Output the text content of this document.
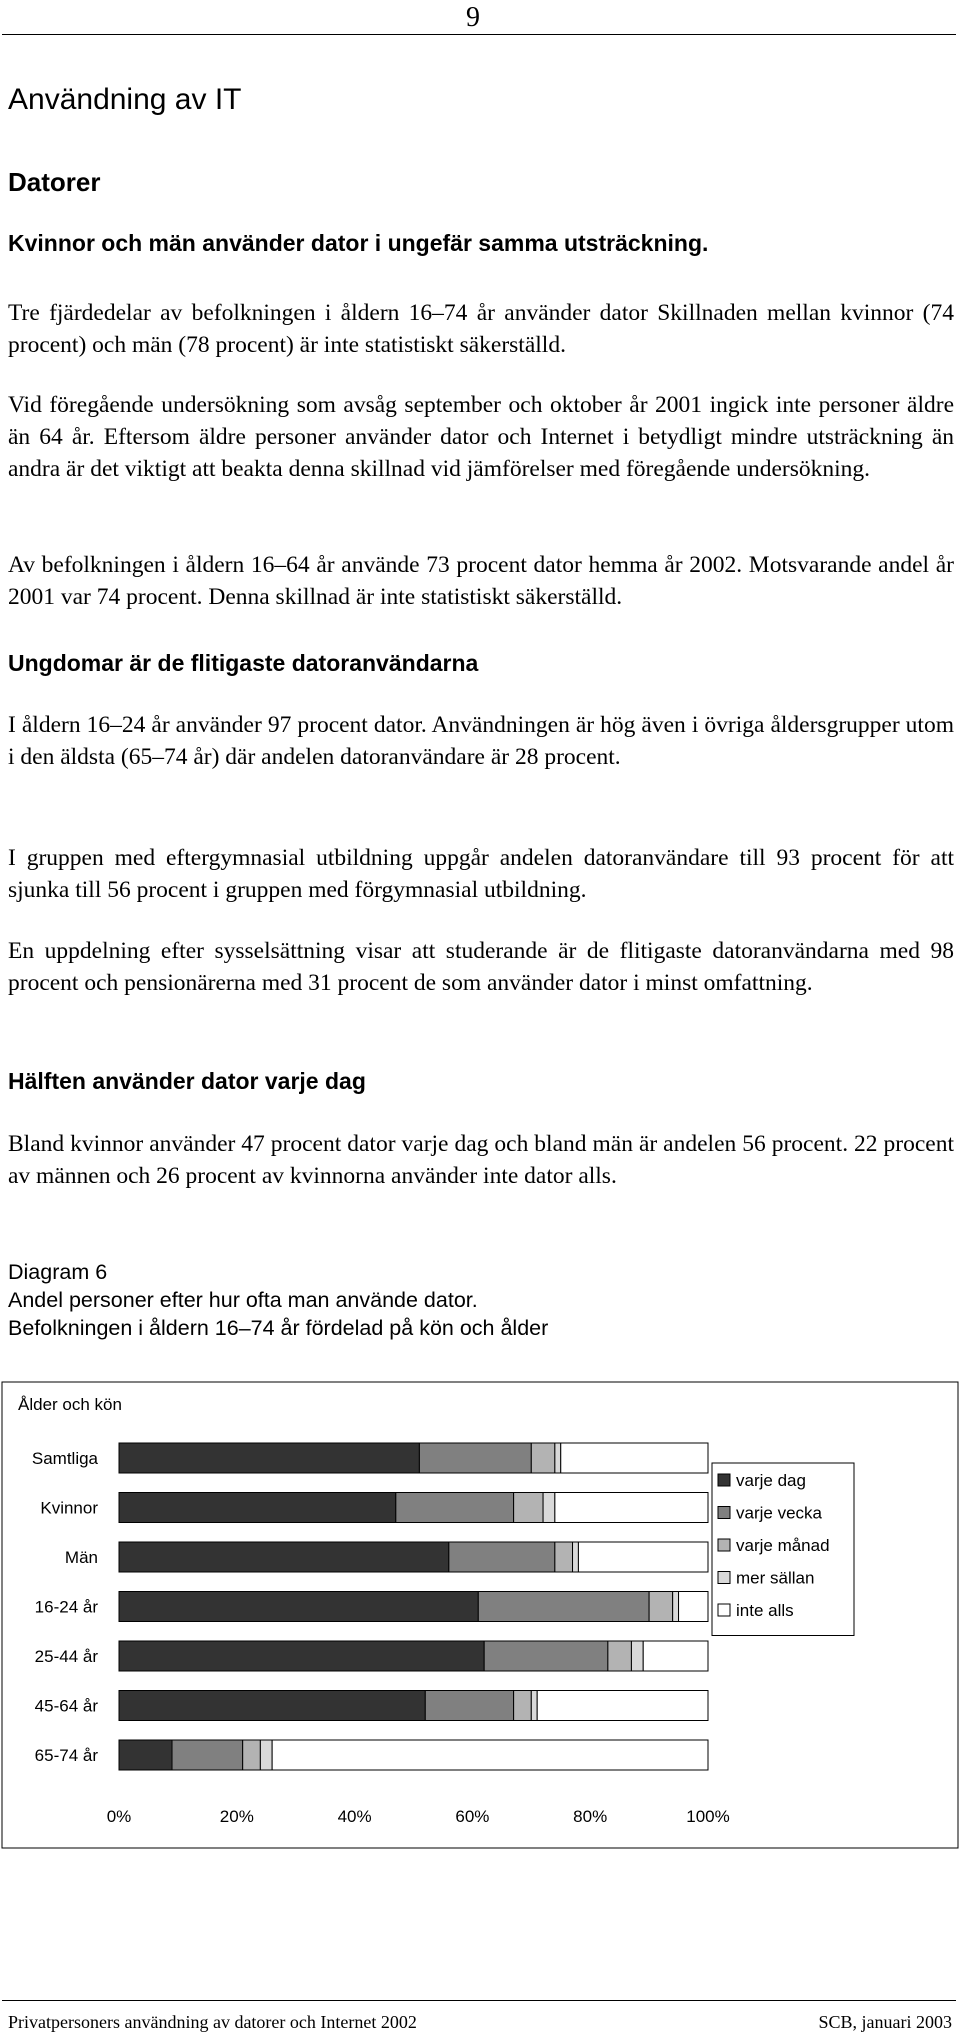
9
Användning av IT
Datorer
Kvinnor och män använder dator i ungefär samma utsträckning.
Tre fjärdedelar av befolkningen i åldern 16–74 år använder dator Skillnaden mellan kvinnor (74 procent) och män (78 procent) är inte statistiskt säkerställd.
Vid föregående undersökning som avsåg september och oktober år 2001 ingick inte personer äldre än 64 år. Eftersom äldre personer använder dator och Internet i betydligt mindre utsträckning än andra är det viktigt att beakta denna skillnad vid jämförelser med föregående undersökning.
Av befolkningen i åldern 16–64 år använde 73 procent dator hemma år 2002. Motsvarande andel år 2001 var 74 procent. Denna skillnad är inte statistiskt säkerställd.
Ungdomar är de flitigaste datoranvändarna
I åldern 16–24 år använder 97 procent dator. Användningen är hög även i övriga åldersgrupper utom i den äldsta (65–74 år) där andelen datoranvändare är 28 procent.
I gruppen med eftergymnasial utbildning uppgår andelen datoranvändare till 93 procent för att sjunka till 56 procent i gruppen med förgymnasial utbildning.
En uppdelning efter sysselsättning visar att studerande är de flitigaste datoranvändarna med 98 procent och pensionärerna med 31 procent de som använder dator i minst omfattning.
Hälften använder dator varje dag
Bland kvinnor använder 47 procent dator varje dag och bland män är andelen 56 procent. 22 procent av männen och 26 procent av kvinnorna använder inte dator alls.
Diagram 6
Andel personer efter hur ofta man använde dator.
Befolkningen i åldern 16–74 år fördelad på kön och ålder
Ålder och kön
Samtliga
Kvinnor
Män
16-24 år
25-44 år
45-64 år
65-74 år
0%	20%	40%	60%	80%	100%
varje dag
varje vecka
varje månad
mer sällan
inte alls
Privatpersoners användning av datorer och Internet 2002	SCB, januari 2003
